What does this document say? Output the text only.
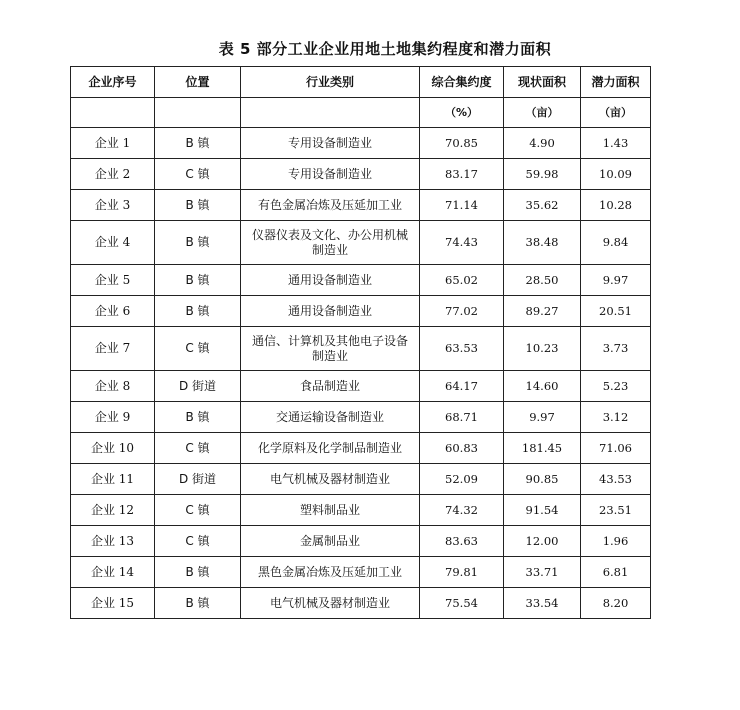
表 5 部分工业企业用地土地集约程度和潜力面积
企业序号	位置	行业类别	综合集约度	现状面积	潜力面积
			（%）	（亩）	（亩）
企业 1	B 镇	专用设备制造业	70.85	4.90	1.43
企业 2	C 镇	专用设备制造业	83.17	59.98	10.09
企业 3	B 镇	有色金属冶炼及压延加工业	71.14	35.62	10.28
企业 4	B 镇	仪器仪表及文化、办公用机械制造业	74.43	38.48	9.84
企业 5	B 镇	通用设备制造业	65.02	28.50	9.97
企业 6	B 镇	通用设备制造业	77.02	89.27	20.51
企业 7	C 镇	通信、计算机及其他电子设备制造业	63.53	10.23	3.73
企业 8	D 街道	食品制造业	64.17	14.60	5.23
企业 9	B 镇	交通运输设备制造业	68.71	9.97	3.12
企业 10	C 镇	化学原料及化学制品制造业	60.83	181.45	71.06
企业 11	D 街道	电气机械及器材制造业	52.09	90.85	43.53
企业 12	C 镇	塑料制品业	74.32	91.54	23.51
企业 13	C 镇	金属制品业	83.63	12.00	1.96
企业 14	B 镇	黑色金属冶炼及压延加工业	79.81	33.71	6.81
企业 15	B 镇	电气机械及器材制造业	75.54	33.54	8.20
